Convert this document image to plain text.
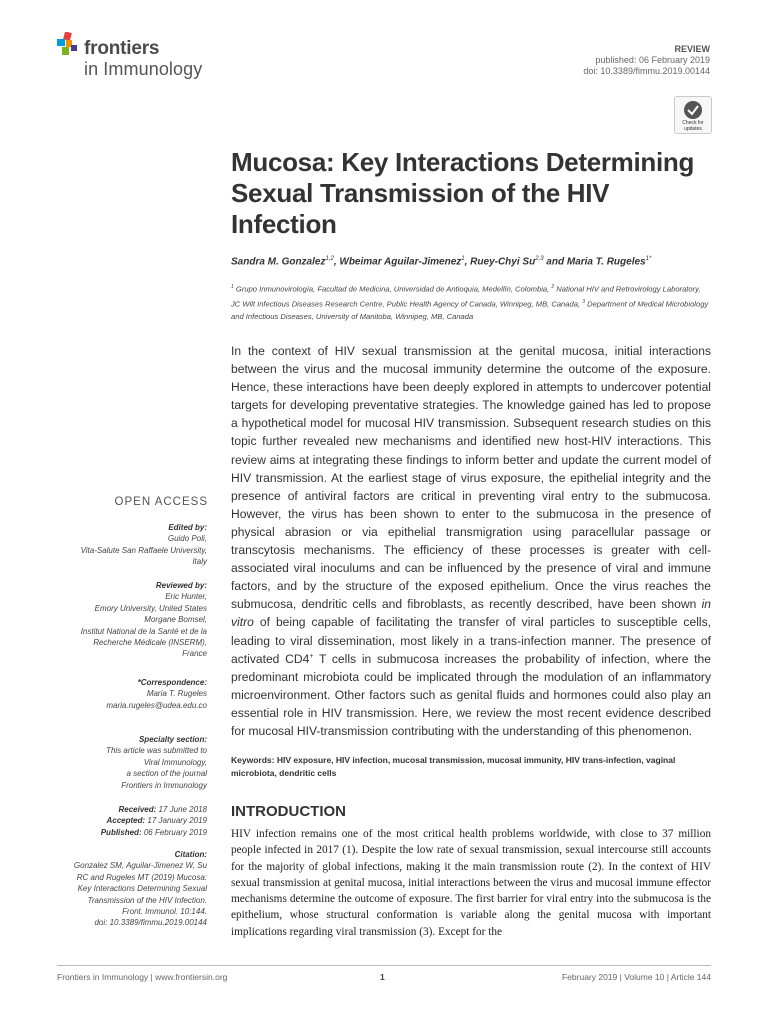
frontiers
in Immunology
REVIEW
published: 06 February 2019
doi: 10.3389/fimmu.2019.00144
Check for updates
Mucosa: Key Interactions Determining Sexual Transmission of the HIV Infection
Sandra M. Gonzalez$^{1,2}$, Wbeimar Aguilar-Jimenez$^1$, Ruey-Chyi Su$^{2,3}$ and Maria T. Rugeles$^{1*}$
$^1$ Grupo Inmunovirología, Facultad de Medicina, Universidad de Antioquia, Medellín, Colombia, $^2$ National HIV and Retrovirology Laboratory, JC Wilt Infectious Diseases Research Centre, Public Health Agency of Canada, Winnipeg, MB, Canada, $^3$ Department of Medical Microbiology and Infectious Diseases, University of Manitoba, Winnipeg, MB, Canada
In the context of HIV sexual transmission at the genital mucosa, initial interactions between the virus and the mucosal immunity determine the outcome of the exposure. Hence, these interactions have been deeply explored in attempts to undercover potential targets for developing preventative strategies. The knowledge gained has led to propose a hypothetical model for mucosal HIV transmission. Subsequent research studies on this topic further revealed new mechanisms and identified new host-HIV interactions. This review aims at integrating these findings to inform better and update the current model of HIV transmission. At the earliest stage of virus exposure, the epithelial integrity and the presence of antiviral factors are critical in preventing viral entry to the submucosa. However, the virus has been shown to enter to the submucosa in the presence of physical abrasion or via epithelial transmigration using paracellular passage or transcytosis mechanisms. The efficiency of these processes is greater with cell-associated viral inoculums and can be influenced by the presence of viral and immune factors, and by the structure of the exposed epithelium. Once the virus reaches the submucosa, dendritic cells and fibroblasts, as recently described, have been shown in vitro of being capable of facilitating the transfer of viral particles to susceptible cells, leading to viral dissemination, most likely in a trans-infection manner. The presence of activated CD4+ T cells in submucosa increases the probability of infection, where the predominant microbiota could be implicated through the modulation of an inflammatory microenvironment. Other factors such as genital fluids and hormones could also play an essential role in HIV transmission. Here, we review the most recent evidence described for mucosal HIV-transmission contributing with the understanding of this phenomenon.
Keywords: HIV exposure, HIV infection, mucosal transmission, mucosal immunity, HIV trans-infection, vaginal microbiota, dendritic cells
INTRODUCTION
HIV infection remains one of the most critical health problems worldwide, with close to 37 million people infected in 2017 (1). Despite the low rate of sexual transmission, sexual intercourse still accounts for the majority of global infections, making it the main transmission route (2). In the context of HIV sexual transmission at genital mucosa, initial interactions between the virus and mucosal immune effector mechanisms determine the outcome of exposure. The first barrier for viral entry into the submucosa is the epithelium, whose structural conformation is variable along the genital mucosa with important implications regarding viral transmission (3). Except for the
OPEN ACCESS
Edited by:
Guido Poli,
Vita-Salute San Raffaele University,
Italy
Reviewed by:
Eric Hunter,
Emory University, United States
Morgane Bomsel,
Institut National de la Santé et de la
Recherche Médicale (INSERM),
France
*Correspondence:
Maria T. Rugeles
maria.rugeles@udea.edu.co
Specialty section:
This article was submitted to
Viral Immunology,
a section of the journal
Frontiers in Immunology
Received: 17 June 2018
Accepted: 17 January 2019
Published: 06 February 2019
Citation:
Gonzalez SM, Aguilar-Jimenez W, Su
RC and Rugeles MT (2019) Mucosa:
Key Interactions Determining Sexual
Transmission of the HIV Infection.
Front. Immunol. 10:144.
doi: 10.3389/fimmu.2019.00144
Frontiers in Immunology | www.frontiersin.org	1	February 2019 | Volume 10 | Article 144
